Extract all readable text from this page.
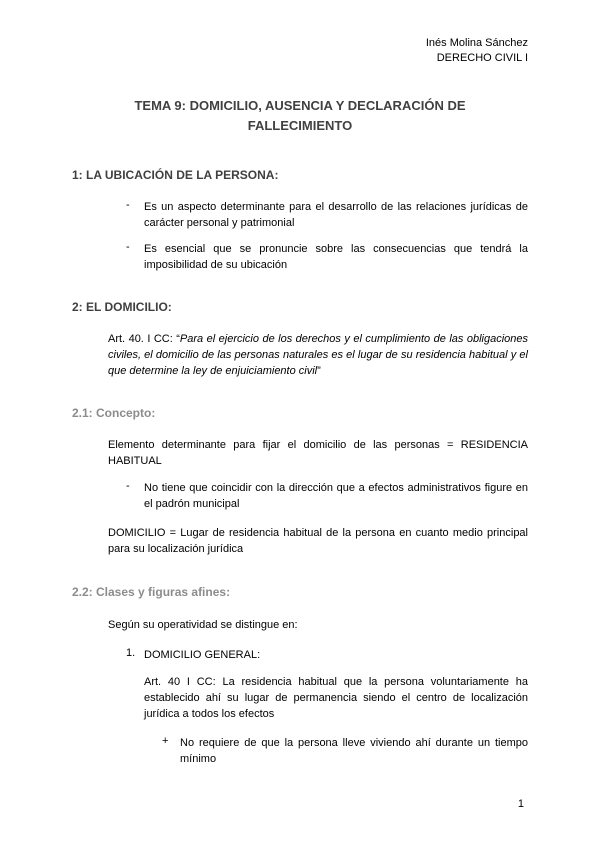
Inés Molina Sánchez
DERECHO CIVIL I
TEMA 9: DOMICILIO, AUSENCIA Y DECLARACIÓN DE
FALLECIMIENTO
1: LA UBICACIÓN DE LA PERSONA:
- Es un aspecto determinante para el desarrollo de las relaciones jurídicas de carácter personal y patrimonial
- Es esencial que se pronuncie sobre las consecuencias que tendrá la imposibilidad de su ubicación
2: EL DOMICILIO:
Art. 40. I CC: “Para el ejercicio de los derechos y el cumplimiento de las obligaciones civiles, el domicilio de las personas naturales es el lugar de su residencia habitual y el que determine la ley de enjuiciamiento civil”
2.1: Concepto:
Elemento determinante para fijar el domicilio de las personas = RESIDENCIA HABITUAL
- No tiene que coincidir con la dirección que a efectos administrativos figure en el padrón municipal
DOMICILIO = Lugar de residencia habitual de la persona en cuanto medio principal para su localización jurídica
2.2: Clases y figuras afines:
Según su operatividad se distingue en:
1. DOMICILIO GENERAL:
Art. 40 I CC: La residencia habitual que la persona voluntariamente ha establecido ahí su lugar de permanencia siendo el centro de localización jurídica a todos los efectos
+ No requiere de que la persona lleve viviendo ahí durante un tiempo mínimo
1
